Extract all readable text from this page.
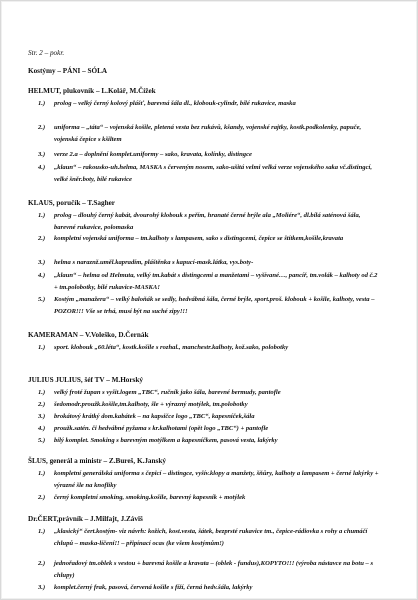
Str. 2 – pokr.
Kostýmy – PÁNI – SÓLA
HELMUT, plukovník – L.Kolář, M.Čížek
1.)	prolog – velký černý kolový plášť, barevná šála dl., klobouk-cylindr, bílé rukavice, maska
2.)	uniforma – „táta“ – vojenská košile, pletená vesta bez rukávů, kšandy, vojenské rajtky, kostk.podkolenky, papuče, vojenská čepice s kšiltem
3.)	verze 2.a – doplnění komplet.uniformy – sako, kravata, kolínky, distingce
4.)	„klaun“ – rakousko-uh.helma, MASKA s červeným nosem, sako-ušitá velmi velká verze vojenského saka vč.distingcí, velké šněr.boty, bílé rukavice
KLAUS, poručík – T.Sagher
1.)	prolog – dlouhý černý kabát, dvourohý klobouk s peřím, hranaté černé brýle ala „Moliére“, dl.bílá saténová šála, barevné rukavice, polomaska
2.)	kompletní vojenská uniforma – tm.kalhoty s lampasem, sako s distingcemi, čepice se štítkem,košile,kravata
3.)	helma s naraznž.uměl.kapradím, pláštěnka s kapucí-mask.látka, vys.boty-
4.)	„klaun“ – helma od Helmuta, velký tm.kabát s distingcemi a manžetami – vyšívané…, pancíř, tm.volák – kalhoty od č.2 + tm.polobotky, bílé rukavice-MASKA!
5.)	Kostým „manažera“ – velký baloňák se sedly, hedvábná šála, černé brýle, sport.proš. klobouk + košile, kalhoty, vesta – POZOR!!! Vše se trhá, musí být na suché zipy!!!
KAMERAMAN – V.Voleško, D.Černák
1.)	sport. klobouk „60.léta“, kostk.košile s rozhal., manchestr.kalhoty, kož.sako, polobotky
JULIUS JULIUS, šéf TV – M.Horský
1.)	velký froté župan s vyšit.logem „TBC“, ručník jako šála, barevné bermudy, pantofle
2.)	šedomodr.proužk.košile,tm.kalhoty, šle + výrazný motýlek, tm.polobotky
3.)	brokátový krátký dom.kabátek – na kapsičce logo „TBC“, kapesníček,šála
4.)	proužk.satén. či hedvábné pyžama s kr.kalhotami (opět logo „TBC“) + pantofle
5.)	bílý komplet. Smoking s barevným motýlkem a kapesníčkem, pasová vesta, lakýrky
ŠLUS, generál a ministr – Z.Bureš, K.Janský
1.)	kompletní generálská uniforma s čepicí – distingce, vyšív.klopy a manžety, šňůry, kalhoty a lampasem + černé lakýrky + výrazné šle na knoflíky
2.)	černý kompletní smoking, smoking.košile, barevný kapesník + motýlek
Dr.ČERT,právník – J.Milfajt, J.Záviš
1.)	„klasický“ čert.kostým- viz návrh: kožich, kost.vesta, šátek, bezprsté rukavice tm., čepice-rádiovka s rohy a chumáčí chlupů – maska-líčení!! – připínací ocas (ke všem kostýmům!)
2.)	jednořadový tm.oblek s vestou + barevná košile a kravata – (oblek - fundus),KOPYTO!!! (výroba nástavce na botu – s chlupy)
3.)	komplet.černý frak, pasová, červená košile s fíží, černá hedv.šála, lakýrky
